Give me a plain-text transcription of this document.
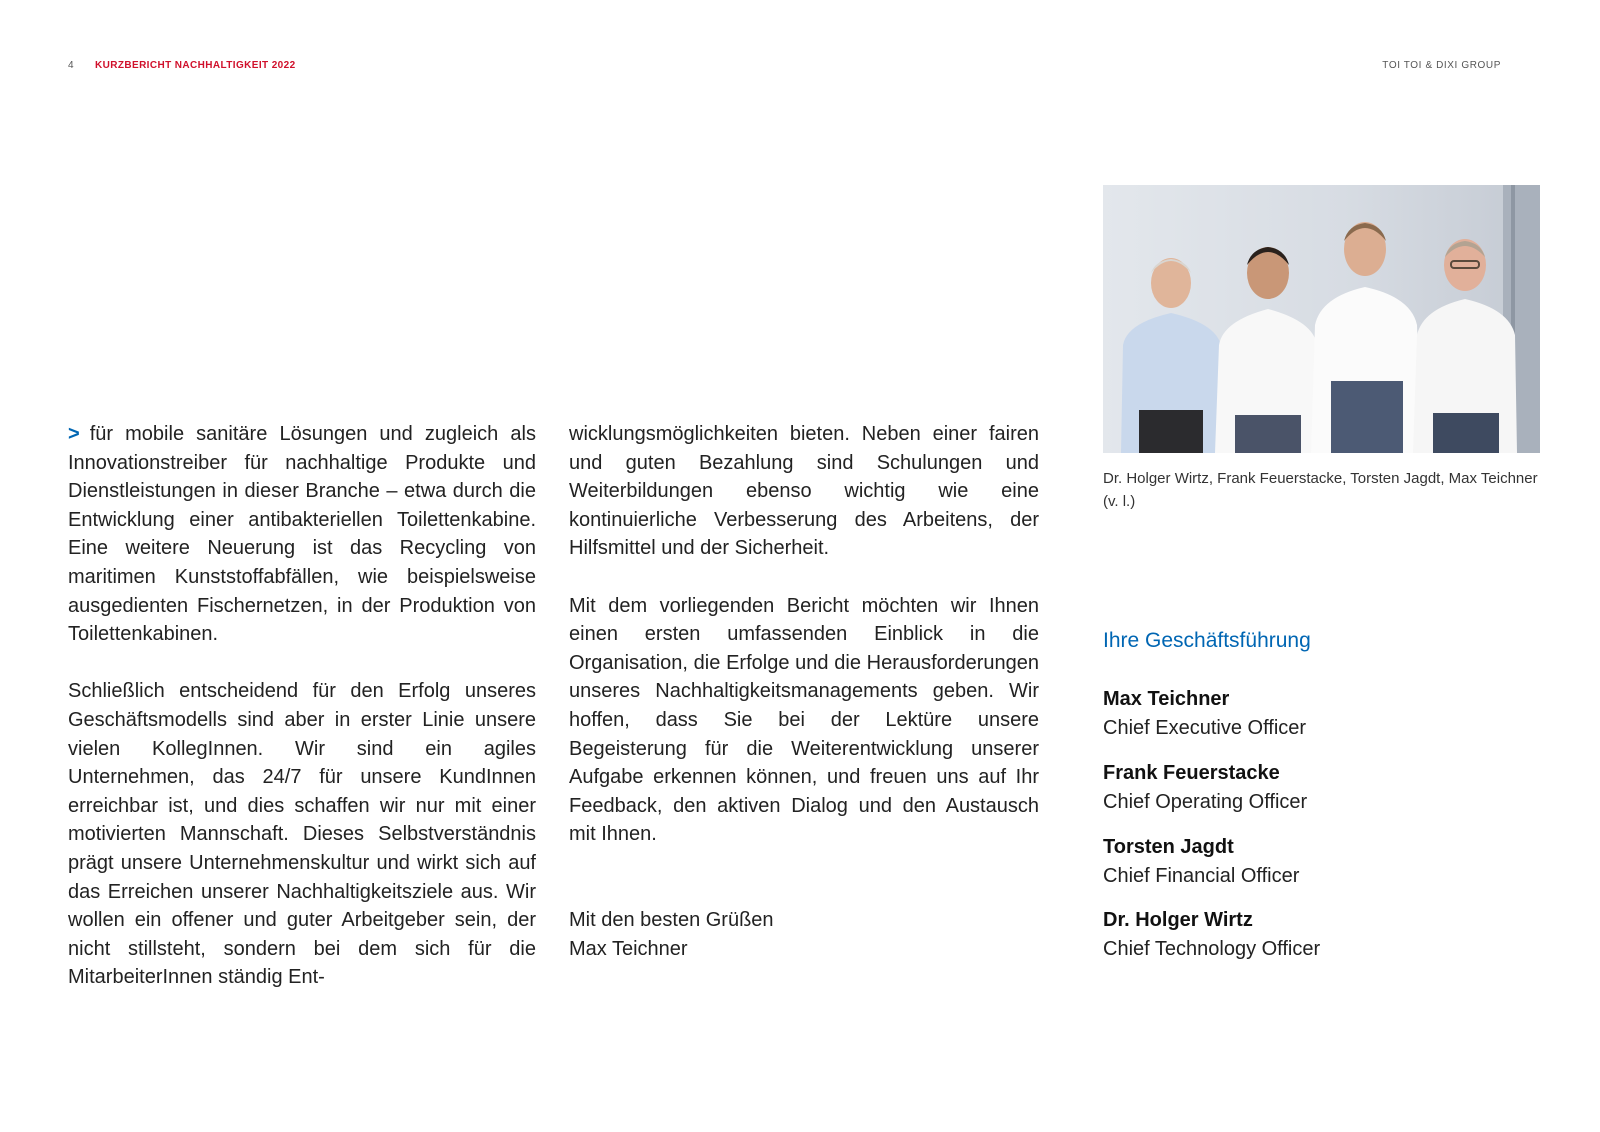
4 KURZBERICHT NACHHALTIGKEIT 2022	TOI TOI & DIXI GROUP

> für mobile sanitäre Lösungen und zugleich als Innovationstreiber für nachhaltige Produkte und Dienstleistungen in dieser Branche – etwa durch die Entwicklung einer antibakteriellen Toilettenkabine. Eine weitere Neuerung ist das Recycling von maritimen Kunststoffabfällen, wie beispielsweise ausgedienten Fischernetzen, in der Produktion von Toilettenkabinen.

Schließlich entscheidend für den Erfolg unseres Geschäftsmodells sind aber in erster Linie unsere vielen KollegInnen. Wir sind ein agiles Unternehmen, das 24/7 für unsere KundInnen erreichbar ist, und dies schaffen wir nur mit einer motivierten Mannschaft. Dieses Selbstverständnis prägt unsere Unternehmenskultur und wirkt sich auf das Erreichen unserer Nachhaltigkeitsziele aus. Wir wollen ein offener und guter Arbeitgeber sein, der nicht stillsteht, sondern bei dem sich für die MitarbeiterInnen ständig Ent-

wicklungsmöglichkeiten bieten. Neben einer fairen und guten Bezahlung sind Schulungen und Weiterbildungen ebenso wichtig wie eine kontinuierliche Verbesserung des Arbeitens, der Hilfsmittel und der Sicherheit.

Mit dem vorliegenden Bericht möchten wir Ihnen einen ersten umfassenden Einblick in die Organisation, die Erfolge und die Herausforderungen unseres Nachhaltigkeitsmanagements geben. Wir hoffen, dass Sie bei der Lektüre unsere Begeisterung für die Weiterentwicklung unserer Aufgabe erkennen können, und freuen uns auf Ihr Feedback, den aktiven Dialog und den Austausch mit Ihnen.

Mit den besten Grüßen
Max Teichner
Dr. Holger Wirtz, Frank Feuerstacke, Torsten Jagdt, Max Teichner (v. l.)
Ihre Geschäftsführung
Max Teichner
Chief Executive Officer
Frank Feuerstacke
Chief Operating Officer
Torsten Jagdt
Chief Financial Officer
Dr. Holger Wirtz
Chief Technology Officer
